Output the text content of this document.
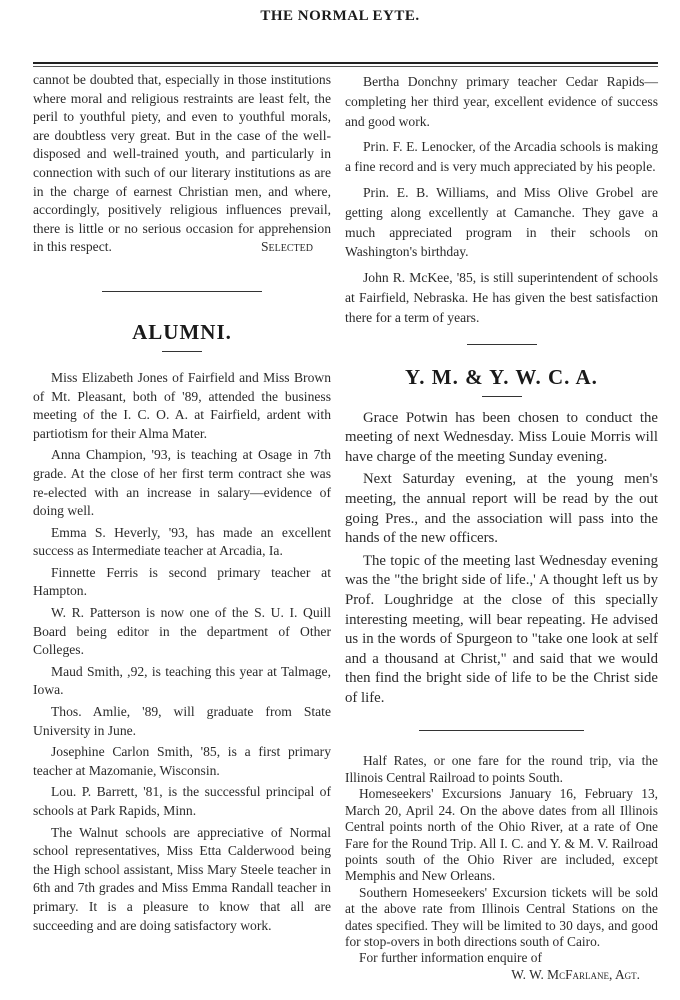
THE NORMAL EYTE.

cannot be doubted that, especially in those institutions where moral and religious restraints are least felt, the peril to youthful piety, and even to youthful morals, are doubtless very great. But in the case of the well-disposed and well-trained youth, and particularly in connection with such of our literary institutions as are in the charge of earnest Christian men, and where, accordingly, positively religious influences prevail, there is little or no serious occasion for apprehension in this respect.	Selected

ALUMNI.

Miss Elizabeth Jones of Fairfield and Miss Brown of Mt. Pleasant, both of '89, attended the business meeting of the I. C. O. A. at Fairfield, ardent with partiotism for their Alma Mater.

Anna Champion, '93, is teaching at Osage in 7th grade. At the close of her first term contract she was re-elected with an increase in salary—evidence of doing well.

Emma S. Heverly, '93, has made an excellent success as Intermediate teacher at Arcadia, Ia.

Finnette Ferris is second primary teacher at Hampton.

W. R. Patterson is now one of the S. U. I. Quill Board being editor in the department of Other Colleges.

Maud Smith, ,92, is teaching this year at Talmage, Iowa.

Thos. Amlie, '89, will graduate from State University in June.

Josephine Carlon Smith, '85, is a first primary teacher at Mazomanie, Wisconsin.

Lou. P. Barrett, '81, is the successful principal of schools at Park Rapids, Minn.

The Walnut schools are appreciative of Normal school representatives, Miss Etta Calderwood being the High school assistant, Miss Mary Steele teacher in 6th and 7th grades and Miss Emma Randall teacher in primary. It is a pleasure to know that all are succeeding and are doing satisfactory work.

Bertha Donchny primary teacher Cedar Rapids—completing her third year, excellent evidence of success and good work.

Prin. F. E. Lenocker, of the Arcadia schools is making a fine record and is very much appreciated by his people.

Prin. E. B. Williams, and Miss Olive Grobel are getting along excellently at Camanche. They gave a much appreciated program in their schools on Washington's birthday.

John R. McKee, '85, is still superintendent of schools at Fairfield, Nebraska. He has given the best satisfaction there for a term of years.

Y. M. & Y. W. C. A.

Grace Potwin has been chosen to conduct the meeting of next Wednesday. Miss Louie Morris will have charge of the meeting Sunday evening.

Next Saturday evening, at the young men's meeting, the annual report will be read by the out going Pres., and the association will pass into the hands of the new officers.

The topic of the meeting last Wednesday evening was the "the bright side of life.,' A thought left us by Prof. Loughridge at the close of this specially interesting meeting, will bear repeating. He advised us in the words of Spurgeon to "take one look at self and a thousand at Christ," and said that we would then find the bright side of life to be the Christ side of life.

Half Rates, or one fare for the round trip, via the Illinois Central Railroad to points South.

Homeseekers' Excursions January 16, February 13, March 20, April 24. On the above dates from all Illinois Central points north of the Ohio River, at a rate of One Fare for the Round Trip. All I. C. and Y. & M. V. Railroad points south of the Ohio River are included, except Memphis and New Orleans.

Southern Homeseekers' Excursion tickets will be sold at the above rate from Illinois Central Stations on the dates specified. They will be limited to 30 days, and good for stop-overs in both directions south of Cairo.

For further information enquire of

W. W. McFarlane, Agt.
